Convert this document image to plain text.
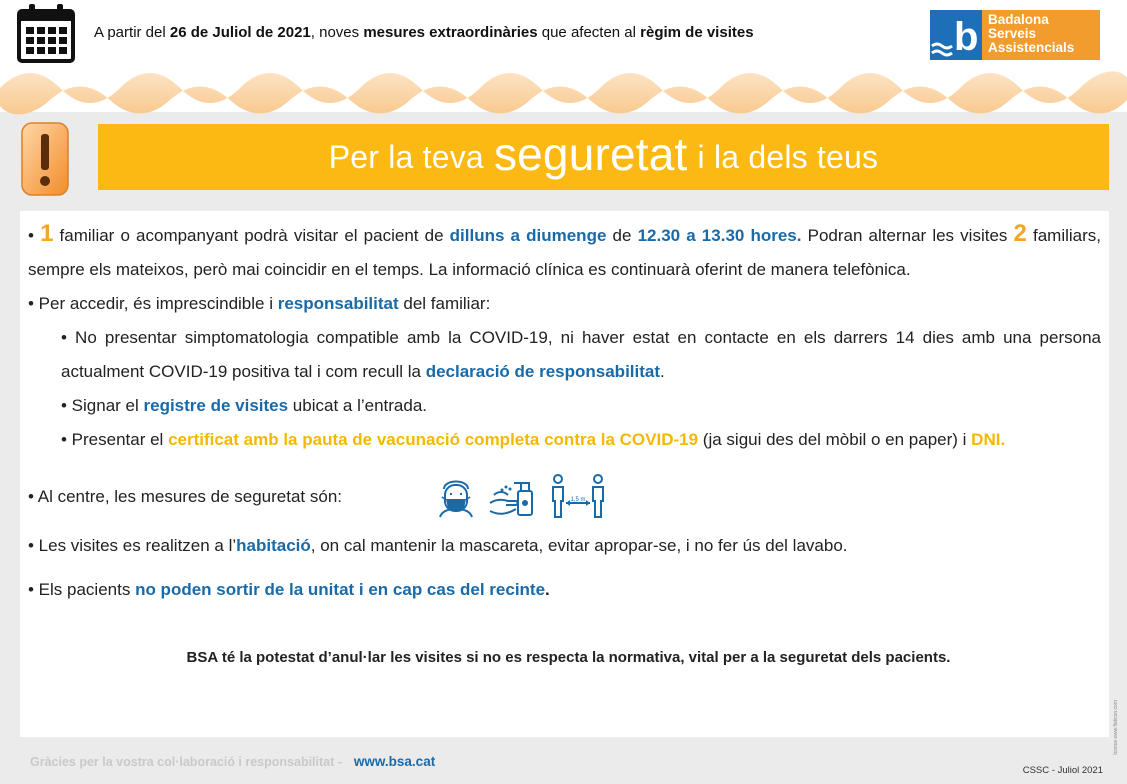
A partir del 26 de Juliol de 2021, noves mesures extraordinàries que afecten al règim de visites	b Badalona
Serveis
Assistencials
Per la teva seguretat i la dels teus
• 1 familiar o acompanyant podrà visitar el pacient de dilluns a diumenge de 12.30 a 13.30 hores. Podran alternar les visites 2 familiars, sempre els mateixos, però mai coincidir en el temps. La informació clínica es continuarà oferint de manera telefònica.
• Per accedir, és imprescindible i responsabilitat del familiar:
• No presentar simptomatologia compatible amb la COVID-19, ni haver estat en contacte en els darrers 14 dies amb una persona actualment COVID-19 positiva tal i com recull la declaració de responsabilitat.
• Signar el registre de visites ubicat a l’entrada.
• Presentar el certificat amb la pauta de vacunació completa contra la COVID-19 (ja sigui des del mòbil o en paper) i DNI.
• Al centre, les mesures de seguretat són:	1,5 m
• Les visites es realitzen a l’habitació, on cal mantenir la mascareta, evitar apropar-se, i no fer ús del lavabo.
• Els pacients no poden sortir de la unitat i en cap cas del recinte.
BSA té la potestat d’anul·lar les visites si no es respecta la normativa, vital per a la seguretat dels pacients.
Gràcies per la vostra col·laboració i responsabilitat - www.bsa.cat
CSSC - Juliol 2021
Iconos www.flaticon.com
